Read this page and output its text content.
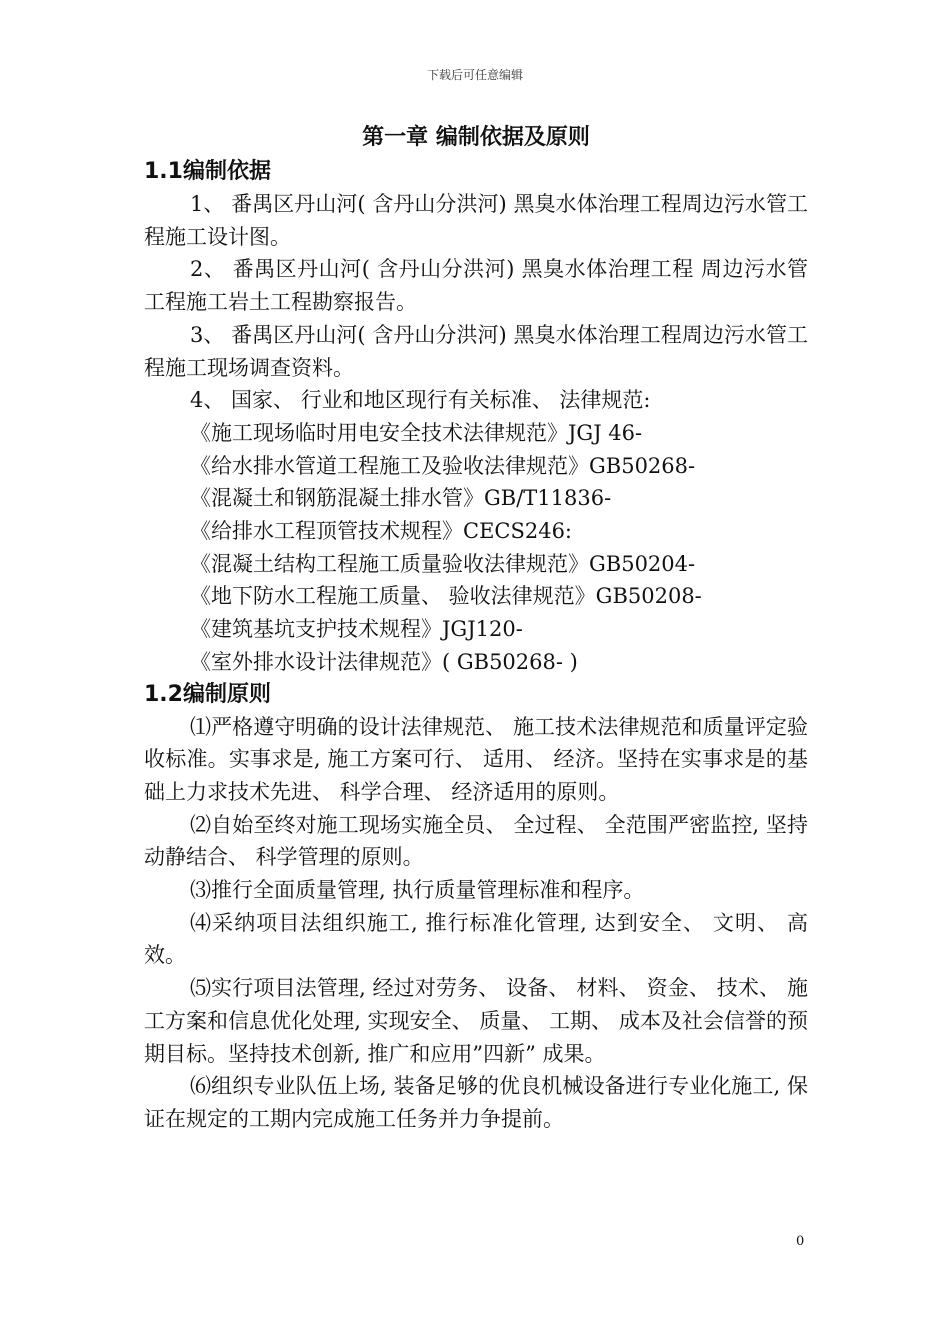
下载后可任意编辑
第一章 编制依据及原则
1.1编制依据

1、 番禺区丹山河( 含丹山分洪河) 黑臭水体治理工程周边污水管工程施工设计图。

2、 番禺区丹山河( 含丹山分洪河) 黑臭水体治理工程 周边污水管工程施工岩土工程勘察报告。

3、 番禺区丹山河( 含丹山分洪河) 黑臭水体治理工程周边污水管工程施工现场调查资料。

4、 国家、 行业和地区现行有关标准、 法律规范:

《施工现场临时用电安全技术法律规范》JGJ 46-

《给水排水管道工程施工及验收法律规范》GB50268-

《混凝土和钢筋混凝土排水管》GB/T11836-

《给排水工程顶管技术规程》CECS246:

《混凝土结构工程施工质量验收法律规范》GB50204-

《地下防水工程施工质量、 验收法律规范》GB50208-

《建筑基坑支护技术规程》JGJ120-

《室外排水设计法律规范》( GB50268- )

1.2编制原则

⑴严格遵守明确的设计法律规范、 施工技术法律规范和质量评定验收标准。实事求是, 施工方案可行、 适用、 经济。坚持在实事求是的基础上力求技术先进、 科学合理、 经济适用的原则。

⑵自始至终对施工现场实施全员、 全过程、 全范围严密监控, 坚持动静结合、 科学管理的原则。

⑶推行全面质量管理, 执行质量管理标准和程序。

⑷采纳项目法组织施工, 推行标准化管理, 达到安全、 文明、 高效。

⑸实行项目法管理, 经过对劳务、 设备、 材料、 资金、 技术、 施工方案和信息优化处理, 实现安全、 质量、 工期、 成本及社会信誉的预期目标。坚持技术创新, 推广和应用”四新” 成果。

⑹组织专业队伍上场, 装备足够的优良机械设备进行专业化施工, 保证在规定的工期内完成施工任务并力争提前。

0
